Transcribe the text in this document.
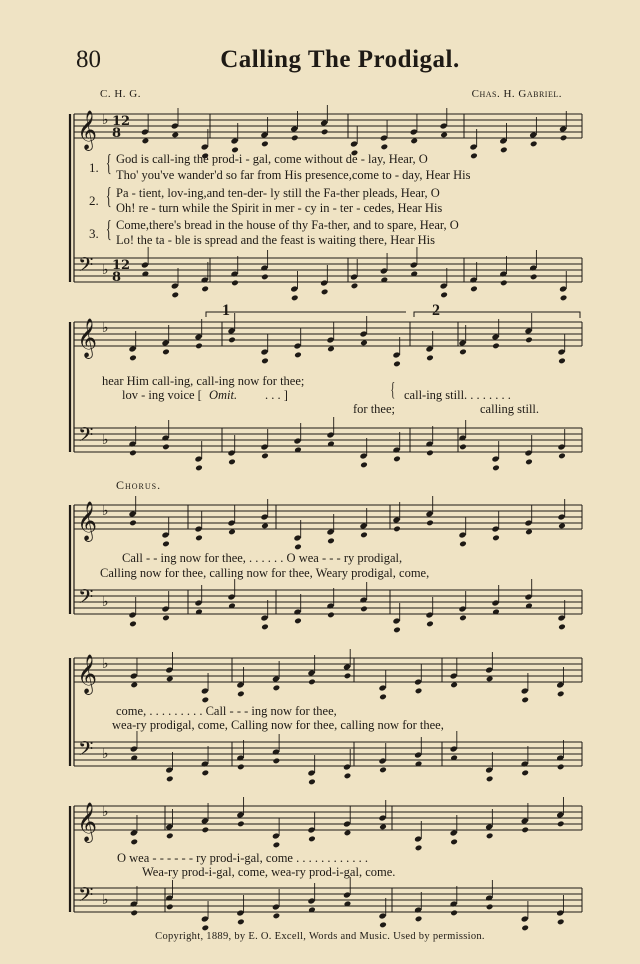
80	Calling The Prodigal.
C. H. G.	Chas. H. Gabriel.
𝄞
𝄢
♭
♭
12
12
8
8
𝄞
𝄢
♭
♭
𝄞
𝄢
♭
♭
𝄞
𝄢
♭
♭
𝄞
𝄢
♭
♭
1. { God is call-ing the prod-i - gal, come without de - lay, Hear, O
Tho' you've wander'd so far from His presence,come to - day, Hear His
2. { Pa - tient, lov-ing,and ten-der- ly still the Fa-ther pleads, Hear, O
Oh! re - turn while the Spirit in mer - cy in - ter - cedes, Hear His
3. { Come,there's bread in the house of thy Fa-ther, and to spare, Hear, O
Lo! the ta - ble is spread and the feast is waiting there, Hear His
1	2
hear Him call-ing, call-ing now for thee;
lov - ing voice [ Omit. . . . ]	{
for thee;
call-ing still. . . . . . . .
calling still.
Chorus.
Call - - ing now for thee, . . . . . . O wea - - - ry prodigal,
Calling now for thee, calling now for thee, Weary prodigal, come,
come, . . . . . . . . . Call - - - ing now for thee,
wea-ry prodigal, come, Calling now for thee, calling now for thee,
O wea - - - - - - ry prod-i-gal, come . . . . . . . . . . . .
Wea-ry prod-i-gal, come, wea-ry prod-i-gal, come.
Copyright, 1889, by E. O. Excell, Words and Music. Used by permission.
